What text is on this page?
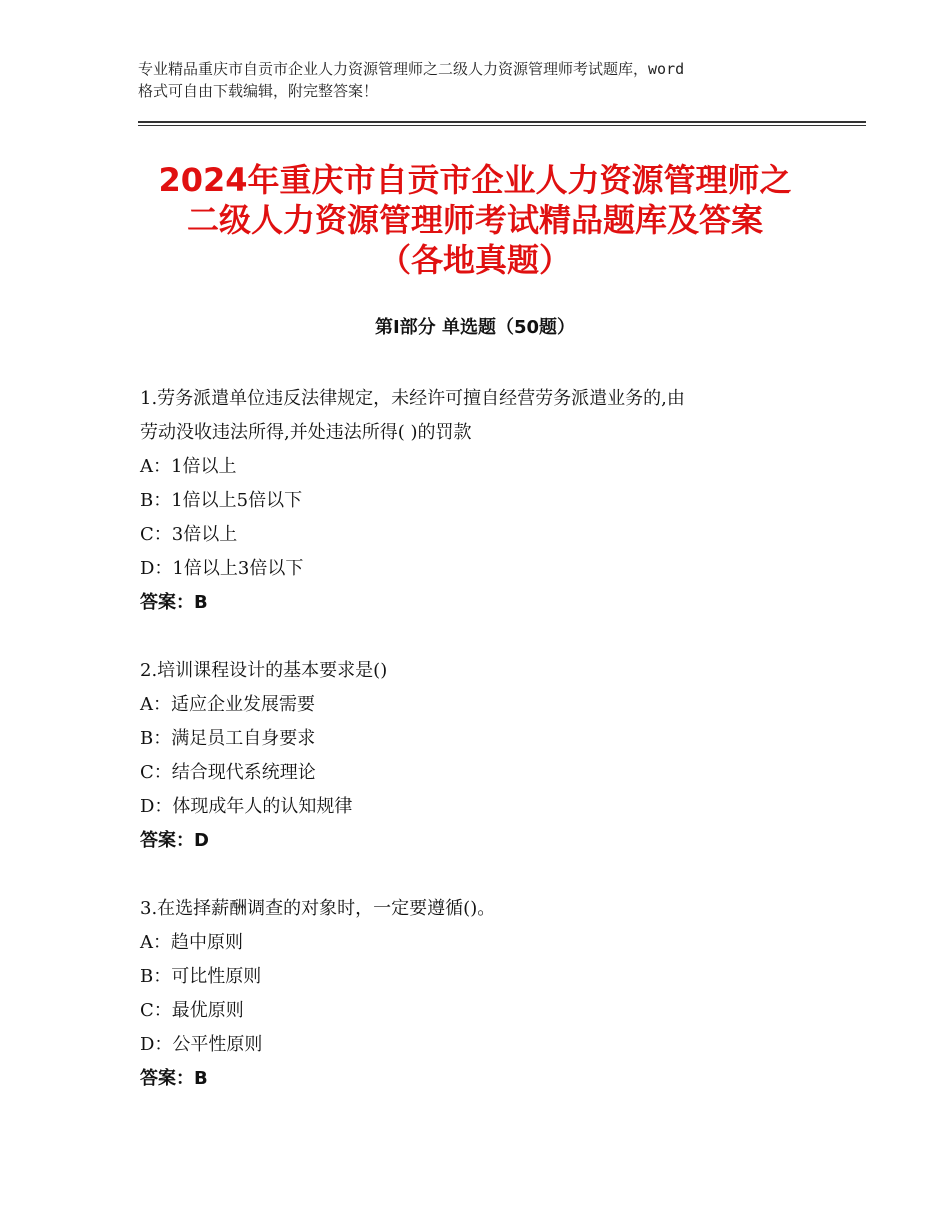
专业精品重庆市自贡市企业人力资源管理师之二级人力资源管理师考试题库，word
格式可自由下载编辑，附完整答案！
2024年重庆市自贡市企业人力资源管理师之
二级人力资源管理师考试精品题库及答案
（各地真题）
第Ⅰ部分 单选题（50题）
1.劳务派遣单位违反法律规定，未经许可擅自经营劳务派遣业务的,由
劳动没收违法所得,并处违法所得( )的罚款
A：1倍以上
B：1倍以上5倍以下
C：3倍以上
D：1倍以上3倍以下
答案：B
2.培训课程设计的基本要求是()
A：适应企业发展需要
B：满足员工自身要求
C：结合现代系统理论
D：体现成年人的认知规律
答案：D
3.在选择薪酬调查的对象时，一定要遵循()。
A：趋中原则
B：可比性原则
C：最优原则
D：公平性原则
答案：B
